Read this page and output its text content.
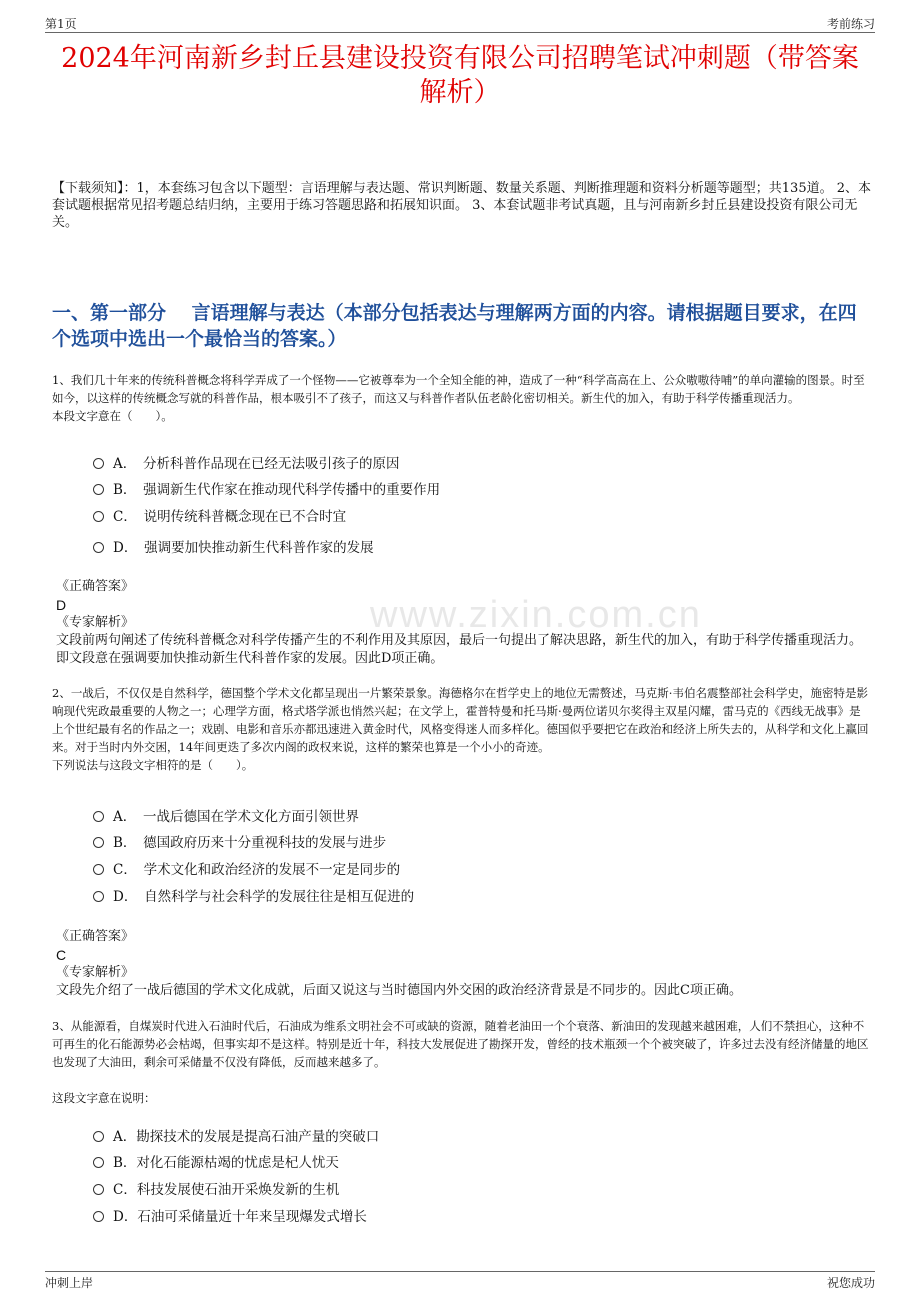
第1页	考前练习
2024年河南新乡封丘县建设投资有限公司招聘笔试冲刺题（带答案解析）

【下载须知】：1，本套练习包含以下题型：言语理解与表达题、常识判断题、数量关系题、判断推理题和资料分析题等题型；共135道。 2、本套试题根据常见招考题总结归纳，主要用于练习答题思路和拓展知识面。 3、本套试题非考试真题，且与河南新乡封丘县建设投资有限公司无关。

一、第一部分　 言语理解与表达（本部分包括表达与理解两方面的内容。请根据题目要求，在四个选项中选出一个最恰当的答案。）
www.zixin.com.cn

1、我们几十年来的传统科普概念将科学弄成了一个怪物——它被尊奉为一个全知全能的神，造成了一种“科学高高在上、公众嗷嗷待哺”的单向灌输的图景。时至如今，以这样的传统概念写就的科普作品，根本吸引不了孩子，而这又与科普作者队伍老龄化密切相关。新生代的加入，有助于科学传播重现活力。

本段文字意在（　　）。

A．　分析科普作品现在已经无法吸引孩子的原因
B．　强调新生代作家在推动现代科学传播中的重要作用
C．　说明传统科普概念现在已不合时宜
D．　强调要加快推动新生代科普作家的发展

《正确答案》

D

《专家解析》

文段前两句阐述了传统科普概念对科学传播产生的不利作用及其原因，最后一句提出了解决思路，新生代的加入，有助于科学传播重现活力。即文段意在强调要加快推动新生代科普作家的发展。因此D项正确。

2、一战后，不仅仅是自然科学，德国整个学术文化都呈现出一片繁荣景象。海德格尔在哲学史上的地位无需赘述，马克斯·韦伯名震整部社会科学史，施密特是影响现代宪政最重要的人物之一；心理学方面，格式塔学派也悄然兴起；在文学上，霍普特曼和托马斯·曼两位诺贝尔奖得主双星闪耀，雷马克的《西线无战事》是上个世纪最有名的作品之一；戏剧、电影和音乐亦都迅速进入黄金时代，风格变得迷人而多样化。德国似乎要把它在政治和经济上所失去的，从科学和文化上赢回来。对于当时内外交困，14年间更迭了多次内阁的政权来说，这样的繁荣也算是一个小小的奇迹。

下列说法与这段文字相符的是（　　）。

A．　一战后德国在学术文化方面引领世界
B．　德国政府历来十分重视科技的发展与进步
C．　学术文化和政治经济的发展不一定是同步的
D．　自然科学与社会科学的发展往往是相互促进的

《正确答案》

C

《专家解析》

文段先介绍了一战后德国的学术文化成就，后面又说这与当时德国内外交困的政治经济背景是不同步的。因此C项正确。

3、从能源看，自煤炭时代进入石油时代后，石油成为维系文明社会不可或缺的资源，随着老油田一个个衰落、新油田的发现越来越困难，人们不禁担心，这种不可再生的化石能源势必会枯竭，但事实却不是这样。特别是近十年，科技大发展促进了勘探开发，曾经的技术瓶颈一个个被突破了，许多过去没有经济储量的地区也发现了大油田，剩余可采储量不仅没有降低，反而越来越多了。

这段文字意在说明：

A．勘探技术的发展是提高石油产量的突破口
B．对化石能源枯竭的忧虑是杞人忧天
C．科技发展使石油开采焕发新的生机
D．石油可采储量近十年来呈现爆发式增长
冲刺上岸	祝您成功
